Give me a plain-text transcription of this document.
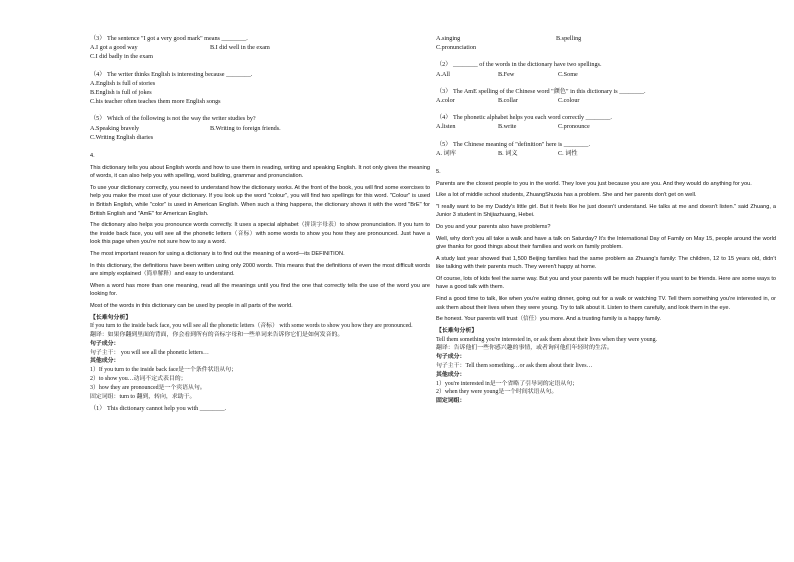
（3） The sentence "I got a very good mark" means ________.

A.I got a good way	B.I did well in the exam

C.I did badly in the exam

（4） The writer thinks English is interesting because ________.

A.English is full of stories

B.English is full of jokes

C.his teacher often teaches them more English songs

（5） Which of the following is not the way the writer studies by?

A.Speaking bravely	B.Writing to foreign friends.

C.Writing English diaries

4.

This dictionary tells you about English words and how to use them in reading, writing and speaking English. It not only gives the meaning of words, it can also help you with spelling, word building, grammar and pronunciation.

To use your dictionary correctly, you need to understand how the dictionary works. At the front of the book, you will find some exercises to help you make the most use of your dictionary. If you look up the word "colour", you will find two spellings for this word. "Colour" is used in British English, while "color" is used in American English. When such a thing happens, the dictionary shows it with the word "BrE" for British English and "AmE" for American English.

The dictionary also helps you pronounce words correctly. It uses a special alphabet（拼读字母表）to show pronunciation. If you turn to the inside back face, you will see all the phonetic letters（音标）with some words to show you how they are pronounced. Just have a look this page when you're not sure how to say a word.

The most important reason for using a dictionary is to find out the meaning of a word—its DEFINITION.

In this dictionary, the definitions have been written using only 2000 words. This means that the definitions of even the most difficult words are simply explained（简单解释）and easy to understand.

When a word has more than one meaning, read all the meanings until you find the one that correctly tells the use of the word you are looking for.

Most of the words in this dictionary can be used by people in all parts of the world.

【长难句分析】

If you turn to the inside back face, you will see all the phonetic letters（音标） with some words to show you how they are pronounced.

翻译：如果你翻到里面的背面，你会看到所有的音标字母和一些单词来告诉你它们是如何发音的。

句子成分：

句子主干： you will see all the phonetic letters…

其他成分：

1）If you turn to the inside back face是一个条件状语从句；

2）to show you…动词不定式表目的；

3）how they are pronounced是一个宾语从句。

固定词组：turn to 翻到，转向，求助于。

（1） This dictionary cannot help you with ________.

A.singing	B.spelling

C.pronunciation

（2） ________ of the words in the dictionary have two spellings.

A.All	B.Few	C.Some

（3） The AmE spelling of the Chinese word "颜色" in this dictionary is ________.

A.color	B.collar	C.colour

（4） The phonetic alphabet helps you each word correctly ________.

A.listen	B.write	C.pronounce

（5） The Chinese meaning of "definition" here is ________.

A. 词库	B. 词义	C. 词性

5.

Parents are the closest people to you in the world. They love you just because you are you. And they would do anything for you.

Like a lot of middle school students, ZhuangShuxia has a problem. She and her parents don't get on well.

"I really want to be my Daddy's little girl. But it feels like he just doesn't understand. He talks at me and doesn't listen." said Zhuang, a Junior 3 student in Shijiazhuang, Hebei.

Do you and your parents also have problems?

Well, why don't you all take a walk and have a talk on Saturday? It's the International Day of Family on May 15, people around the world give thanks for good things about their families and work on family problem.

A study last year showed that 1,500 Beijing families had the same problem as Zhuang's family: The children, 12 to 15 years old, didn't like talking with their parents much. They weren't happy at home.

Of course, lots of kids feel the same way. But you and your parents will be much happier if you want to be friends. Here are some ways to have a good talk with them.

Find a good time to talk, like when you're eating dinner, going out for a walk or watching TV. Tell them something you're interested in, or ask them about their lives when they were young. Try to talk about it. Listen to them carefully, and look them in the eye.

Be honest. Your parents will trust（信任）you more. And a trusting family is a happy family.

【长难句分析】

Tell them something you're interested in, or ask them about their lives when they were young.

翻译：告诉他们一些你感兴趣的事情，或者询问他们年轻时的生活。

句子成分：

句子主干：Tell them something…or ask them about their lives…

其他成分：

1）you're interested in是一个省略了引导词的定语从句；

2）when they were young是一个时间状语从句。

固定词组：
